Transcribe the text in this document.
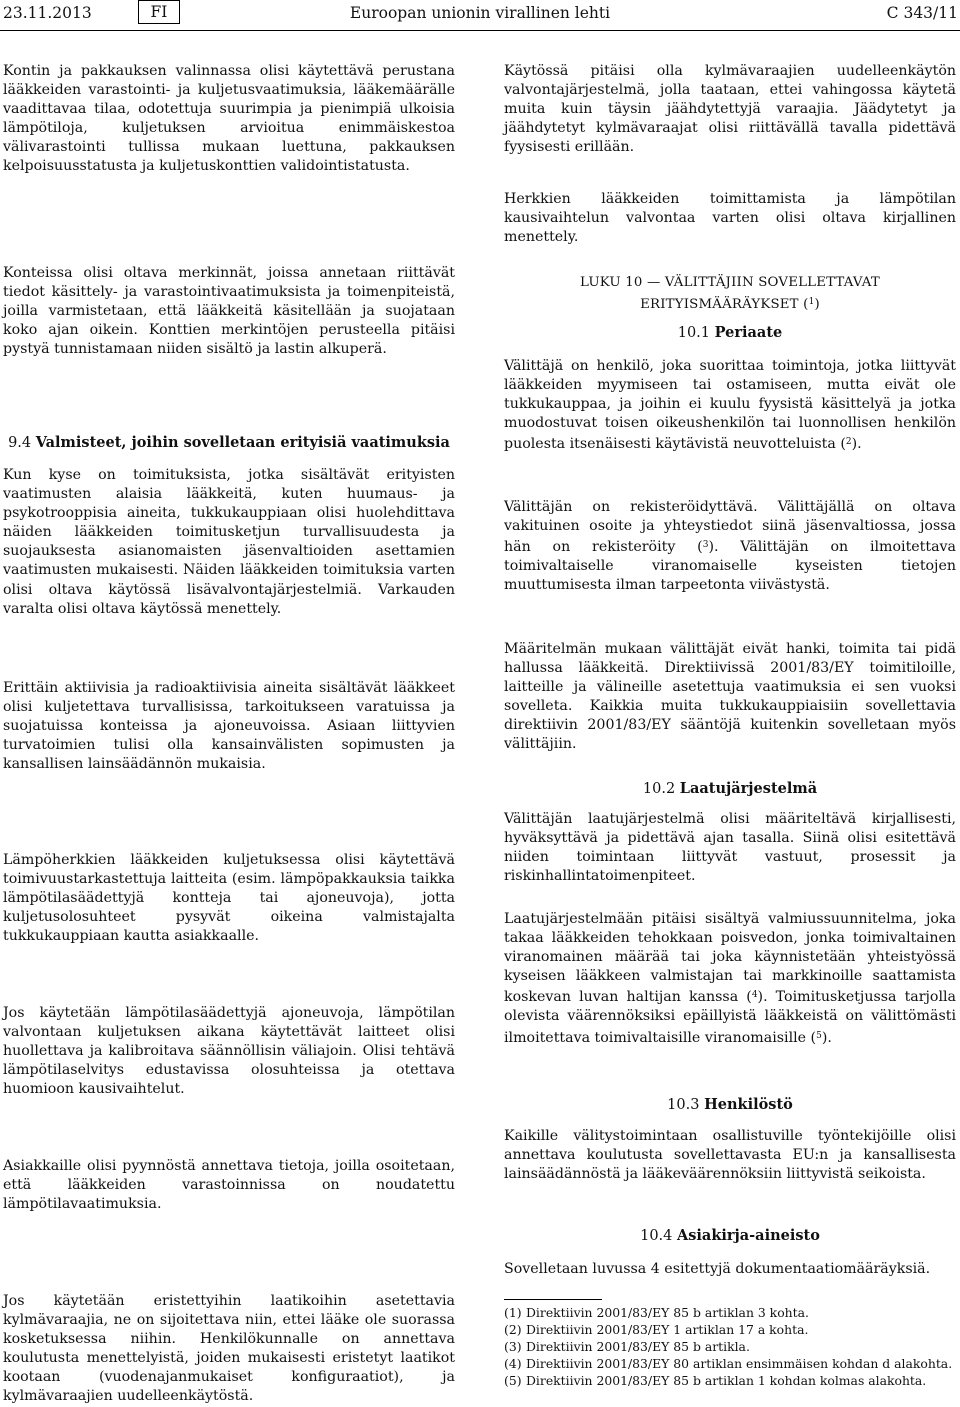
23.11.2013	FI	Euroopan unionin virallinen lehti	C 343/11

Kontin ja pakkauksen valinnassa olisi käytettävä perustana lääkkeiden varastointi- ja kuljetusvaatimuksia, lääkemäärälle vaadittavaa tilaa, odotettuja suurimpia ja pienimpiä ulkoisia lämpötiloja, kuljetuksen arvioitua enimmäiskestoa välivarastointi tullissa mukaan luettuna, pakkauksen kelpoisuusstatusta ja kuljetuskonttien validointistatusta.

Konteissa olisi oltava merkinnät, joissa annetaan riittävät tiedot käsittely- ja varastointivaatimuksista ja toimenpiteistä, joilla varmistetaan, että lääkkeitä käsitellään ja suojataan koko ajan oikein. Konttien merkintöjen perusteella pitäisi pystyä tunnistamaan niiden sisältö ja lastin alkuperä.

9.4 Valmisteet, joihin sovelletaan erityisiä vaatimuksia

Kun kyse on toimituksista, jotka sisältävät erityisten vaatimusten alaisia lääkkeitä, kuten huumaus- ja psykotrooppisia aineita, tukkukauppiaan olisi huolehdittava näiden lääkkeiden toimitusketjun turvallisuudesta ja suojauksesta asianomaisten jäsenvaltioiden asettamien vaatimusten mukaisesti. Näiden lääkkeiden toimituksia varten olisi oltava käytössä lisävalvontajärjestelmiä. Varkauden varalta olisi oltava käytössä menettely.

Erittäin aktiivisia ja radioaktiivisia aineita sisältävät lääkkeet olisi kuljetettava turvallisissa, tarkoitukseen varatuissa ja suojatuissa konteissa ja ajoneuvoissa. Asiaan liittyvien turvatoimien tulisi olla kansainvälisten sopimusten ja kansallisen lainsäädännön mukaisia.

Lämpöherkkien lääkkeiden kuljetuksessa olisi käytettävä toimivuustarkastettuja laitteita (esim. lämpöpakkauksia taikka lämpötilasäädettyjä kontteja tai ajoneuvoja), jotta kuljetusolosuhteet pysyvät oikeina valmistajalta tukkukauppiaan kautta asiakkaalle.

Jos käytetään lämpötilasäädettyjä ajoneuvoja, lämpötilan valvontaan kuljetuksen aikana käytettävät laitteet olisi huollettava ja kalibroitava säännöllisin väliajoin. Olisi tehtävä lämpötilaselvitys edustavissa olosuhteissa ja otettava huomioon kausivaihtelut.

Asiakkaille olisi pyynnöstä annettava tietoja, joilla osoitetaan, että lääkkeiden varastoinnissa on noudatettu lämpötilavaatimuksia.

Jos käytetään eristettyihin laatikoihin asetettavia kylmävaraajia, ne on sijoitettava niin, ettei lääke ole suorassa kosketuksessa niihin. Henkilökunnalle on annettava koulutusta menettelyistä, joiden mukaisesti eristetyt laatikot kootaan (vuodenajanmukaiset konfiguraatiot), ja kylmävaraajien uudelleenkäytöstä.

Käytössä pitäisi olla kylmävaraajien uudelleenkäytön valvontajärjestelmä, jolla taataan, ettei vahingossa käytetä muita kuin täysin jäähdytettyjä varaajia. Jäädytetyt ja jäähdytetyt kylmävaraajat olisi riittävällä tavalla pidettävä fyysisesti erillään.

Herkkien lääkkeiden toimittamista ja lämpötilan kausivaihtelun valvontaa varten olisi oltava kirjallinen menettely.

LUKU 10 — VÄLITTÄJIIN SOVELLETTAVAT
ERITYISMÄÄRÄYKSET ($^1$)
10.1 Periaate

Välittäjä on henkilö, joka suorittaa toimintoja, jotka liittyvät lääkkeiden myymiseen tai ostamiseen, mutta eivät ole tukkukauppaa, ja joihin ei kuulu fyysistä käsittelyä ja jotka muodostuvat toisen oikeushenkilön tai luonnollisen henkilön puolesta itsenäisesti käytävistä neuvotteluista ($^2$).

Välittäjän on rekisteröidyttävä. Välittäjällä on oltava vakituinen osoite ja yhteystiedot siinä jäsenvaltiossa, jossa hän on rekisteröity ($^3$). Välittäjän on ilmoitettava toimivaltaiselle viranomaiselle kyseisten tietojen muuttumisesta ilman tarpeetonta viivästystä.

Määritelmän mukaan välittäjät eivät hanki, toimita tai pidä hallussa lääkkeitä. Direktiivissä 2001/83/EY toimitiloille, laitteille ja välineille asetettuja vaatimuksia ei sen vuoksi sovelleta. Kaikkia muita tukkukauppiaisiin sovellettavia direktiivin 2001/83/EY sääntöjä kuitenkin sovelletaan myös välittäjiin.

10.2 Laatujärjestelmä

Välittäjän laatujärjestelmä olisi määriteltävä kirjallisesti, hyväksyttävä ja pidettävä ajan tasalla. Siinä olisi esitettävä niiden toimintaan liittyvät vastuut, prosessit ja riskinhallintatoimenpiteet.

Laatujärjestelmään pitäisi sisältyä valmiussuunnitelma, joka takaa lääkkeiden tehokkaan poisvedon, jonka toimivaltainen viranomainen määrää tai joka käynnistetään yhteistyössä kyseisen lääkkeen valmistajan tai markkinoille saattamista koskevan luvan haltijan kanssa ($^4$). Toimitusketjussa tarjolla olevista väärennöksiksi epäillyistä lääkkeistä on välittömästi ilmoitettava toimivaltaisille viranomaisille ($^5$).

10.3 Henkilöstö

Kaikille välitystoimintaan osallistuville työntekijöille olisi annettava koulutusta sovellettavasta EU:n ja kansallisesta lainsäädännöstä ja lääkeväärennöksiin liittyvistä seikoista.

10.4 Asiakirja-aineisto

Sovelletaan luvussa 4 esitettyjä dokumentaatiomääräyksiä.

(1) Direktiivin 2001/83/EY 85 b artiklan 3 kohta.
(2) Direktiivin 2001/83/EY 1 artiklan 17 a kohta.
(3) Direktiivin 2001/83/EY 85 b artikla.
(4) Direktiivin 2001/83/EY 80 artiklan ensimmäisen kohdan d alakohta.
(5) Direktiivin 2001/83/EY 85 b artiklan 1 kohdan kolmas alakohta.
